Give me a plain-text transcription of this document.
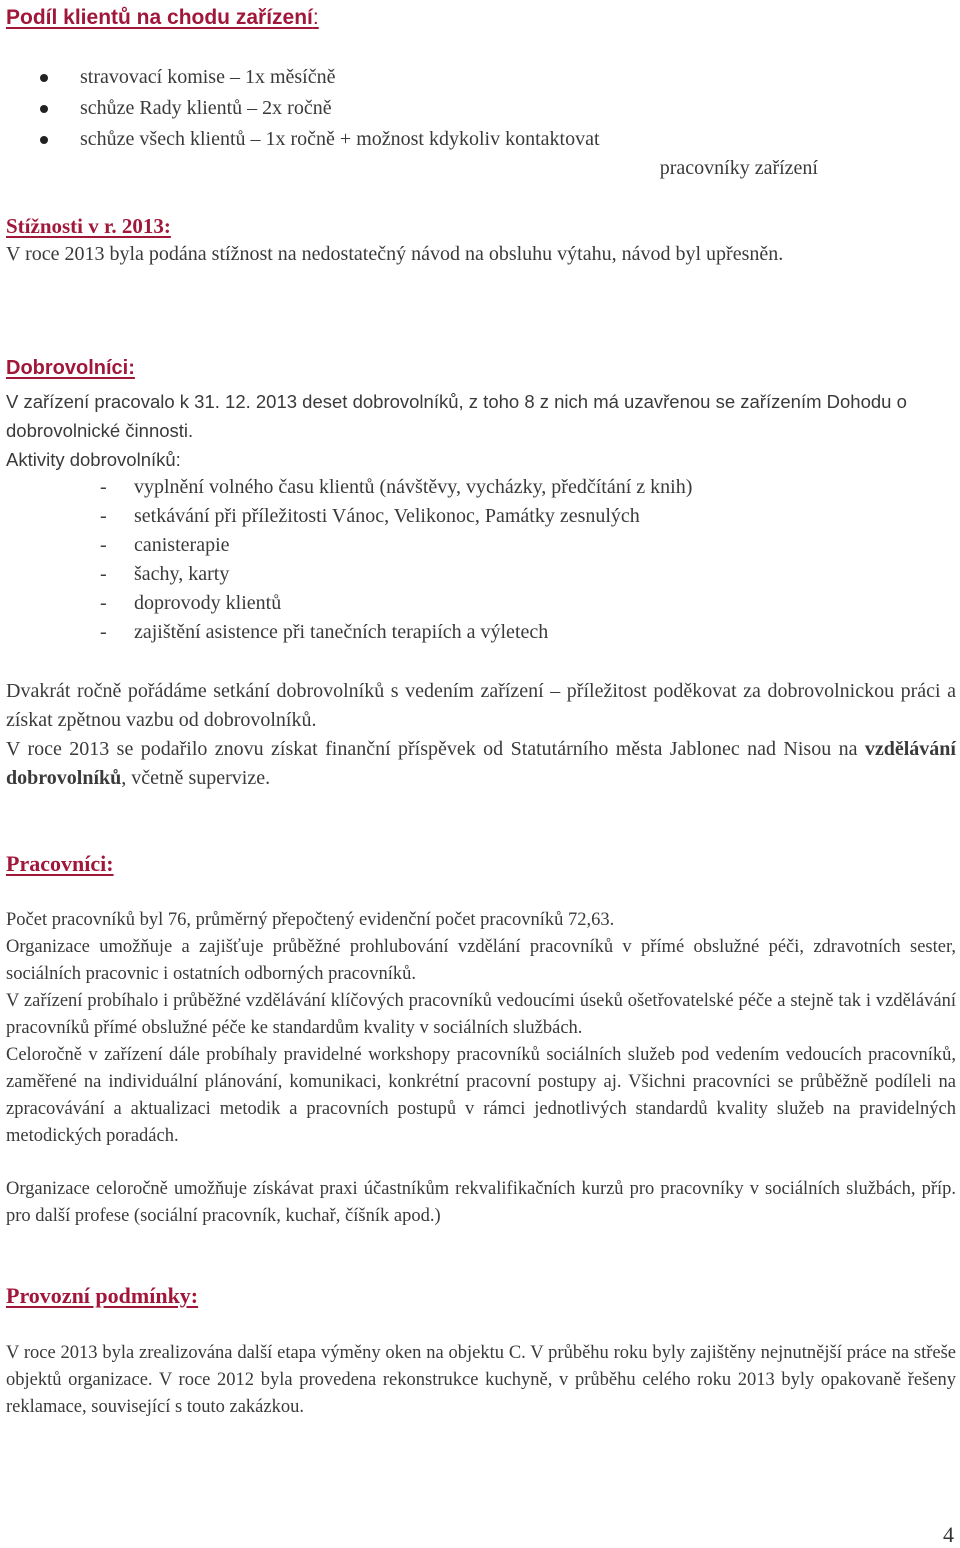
Podíl klientů na chodu zařízení:
stravovací komise – 1x měsíčně
schůze Rady klientů – 2x ročně
schůze všech klientů – 1x ročně + možnost kdykoliv kontaktovat
pracovníky zařízení
Stížnosti v r. 2013:

V roce 2013 byla podána stížnost na nedostatečný návod na obsluhu výtahu, návod byl upřesněn.

Dobrovolníci:

V zařízení pracovalo k 31. 12. 2013 deset dobrovolníků, z toho 8 z nich má uzavřenou se zařízením Dohodu o dobrovolnické činnosti.

Aktivity dobrovolníků:

- vyplnění volného času klientů (návštěvy, vycházky, předčítání z knih)
- setkávání při příležitosti Vánoc, Velikonoc, Památky zesnulých
- canisterapie
- šachy, karty
- doprovody klientů
- zajištění asistence při tanečních terapiích a výletech

Dvakrát ročně pořádáme setkání dobrovolníků s vedením zařízení – příležitost poděkovat za dobrovolnickou práci a získat zpětnou vazbu od dobrovolníků.

V roce 2013 se podařilo znovu získat finanční příspěvek od Statutárního města Jablonec nad Nisou na vzdělávání dobrovolníků, včetně supervize.

Pracovníci:

Počet pracovníků byl 76, průměrný přepočtený evidenční počet pracovníků 72,63.

Organizace umožňuje a zajišťuje průběžné prohlubování vzdělání pracovníků v přímé obslužné péči, zdravotních sester, sociálních pracovnic i ostatních odborných pracovníků.

V zařízení probíhalo i průběžné vzdělávání klíčových pracovníků vedoucími úseků ošetřovatelské péče a stejně tak i vzdělávání pracovníků přímé obslužné péče ke standardům kvality v sociálních službách.

Celoročně v zařízení dále probíhaly pravidelné workshopy pracovníků sociálních služeb pod vedením vedoucích pracovníků, zaměřené na individuální plánování, komunikaci, konkrétní pracovní postupy aj. Všichni pracovníci se průběžně podíleli na zpracovávání a aktualizaci metodik a pracovních postupů v rámci jednotlivých standardů kvality služeb na pravidelných metodických poradách.

Organizace celoročně umožňuje získávat praxi účastníkům rekvalifikačních kurzů pro pracovníky v sociálních službách, příp. pro další profese (sociální pracovník, kuchař, číšník apod.)

Provozní podmínky:

V roce 2013 byla zrealizována další etapa výměny oken na objektu C. V průběhu roku byly zajištěny nejnutnější práce na střeše objektů organizace. V roce 2012 byla provedena rekonstrukce kuchyně, v průběhu celého roku 2013 byly opakovaně řešeny reklamace, související s touto zakázkou.

4
